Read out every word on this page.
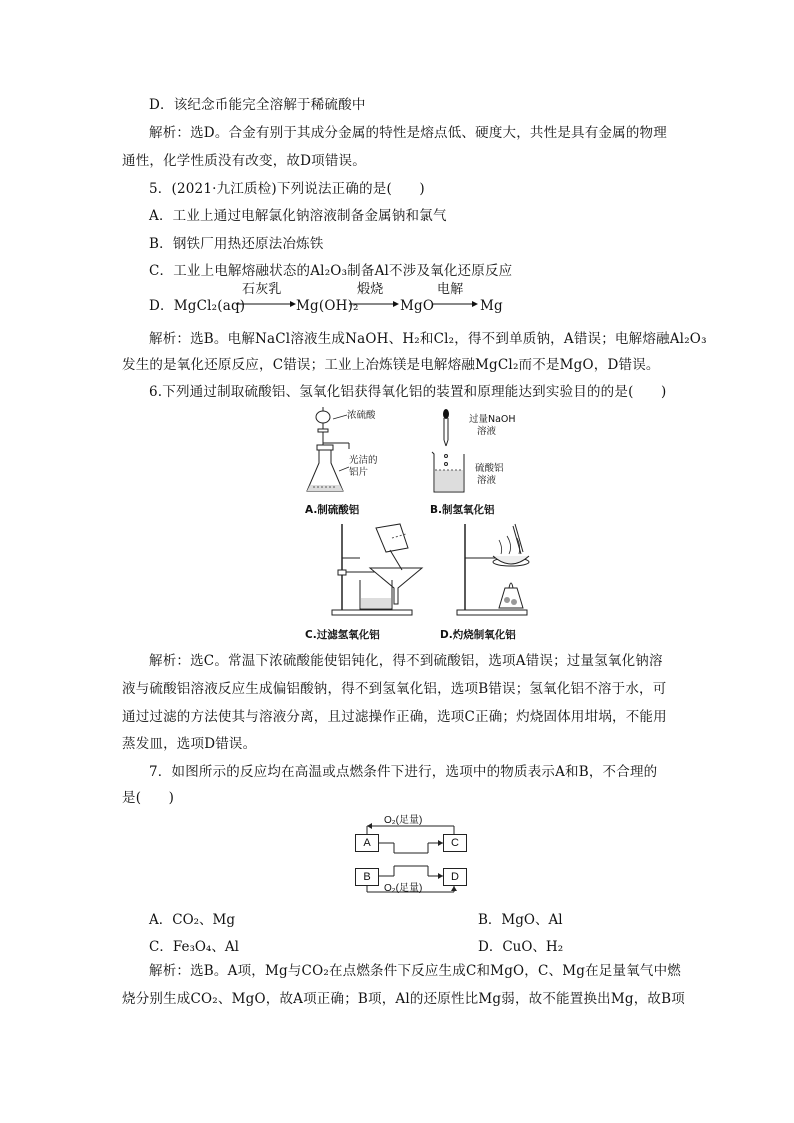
D．该纪念币能完全溶解于稀硫酸中
解析：选D。合金有别于其成分金属的特性是熔点低、硬度大，共性是具有金属的物理
通性，化学性质没有改变，故D项错误。
5．(2021·九江质检)下列说法正确的是(　　)
A．工业上通过电解氯化钠溶液制备金属钠和氯气
B．钢铁厂用热还原法冶炼铁
C．工业上电解熔融状态的Al₂O₃制备Al不涉及氧化还原反应
D．MgCl₂(aq)
石灰乳
Mg(OH)₂
煅烧
MgO
电解
Mg
解析：选B。电解NaCl溶液生成NaOH、H₂和Cl₂，得不到单质钠，A错误；电解熔融Al₂O₃
发生的是氧化还原反应，C错误；工业上冶炼镁是电解熔融MgCl₂而不是MgO，D错误。
6.下列通过制取硫酸铝、氢氧化铝获得氧化铝的装置和原理能达到实验目的的是(　　)
浓硫酸
光洁的
铝片
A.制硫酸铝
过量NaOH
溶液
硫酸铝
溶液
B.制氢氧化铝
C.过滤氢氧化铝	D.灼烧制氧化铝
解析：选C。常温下浓硫酸能使铝钝化，得不到硫酸铝，选项A错误；过量氢氧化钠溶
液与硫酸铝溶液反应生成偏铝酸钠，得不到氢氧化铝，选项B错误；氢氧化铝不溶于水，可
通过过滤的方法使其与溶液分离，且过滤操作正确，选项C正确；灼烧固体用坩埚，不能用
蒸发皿，选项D错误。
7．如图所示的反应均在高温或点燃条件下进行，选项中的物质表示A和B，不合理的
是(　　)
O₂(足量)
O₂(足量)
A	C
B	D
A．CO₂、Mg	B．MgO、Al
C．Fe₃O₄、Al	D．CuO、H₂
解析：选B。A项，Mg与CO₂在点燃条件下反应生成C和MgO，C、Mg在足量氧气中燃
烧分别生成CO₂、MgO，故A项正确；B项，Al的还原性比Mg弱，故不能置换出Mg，故B项
